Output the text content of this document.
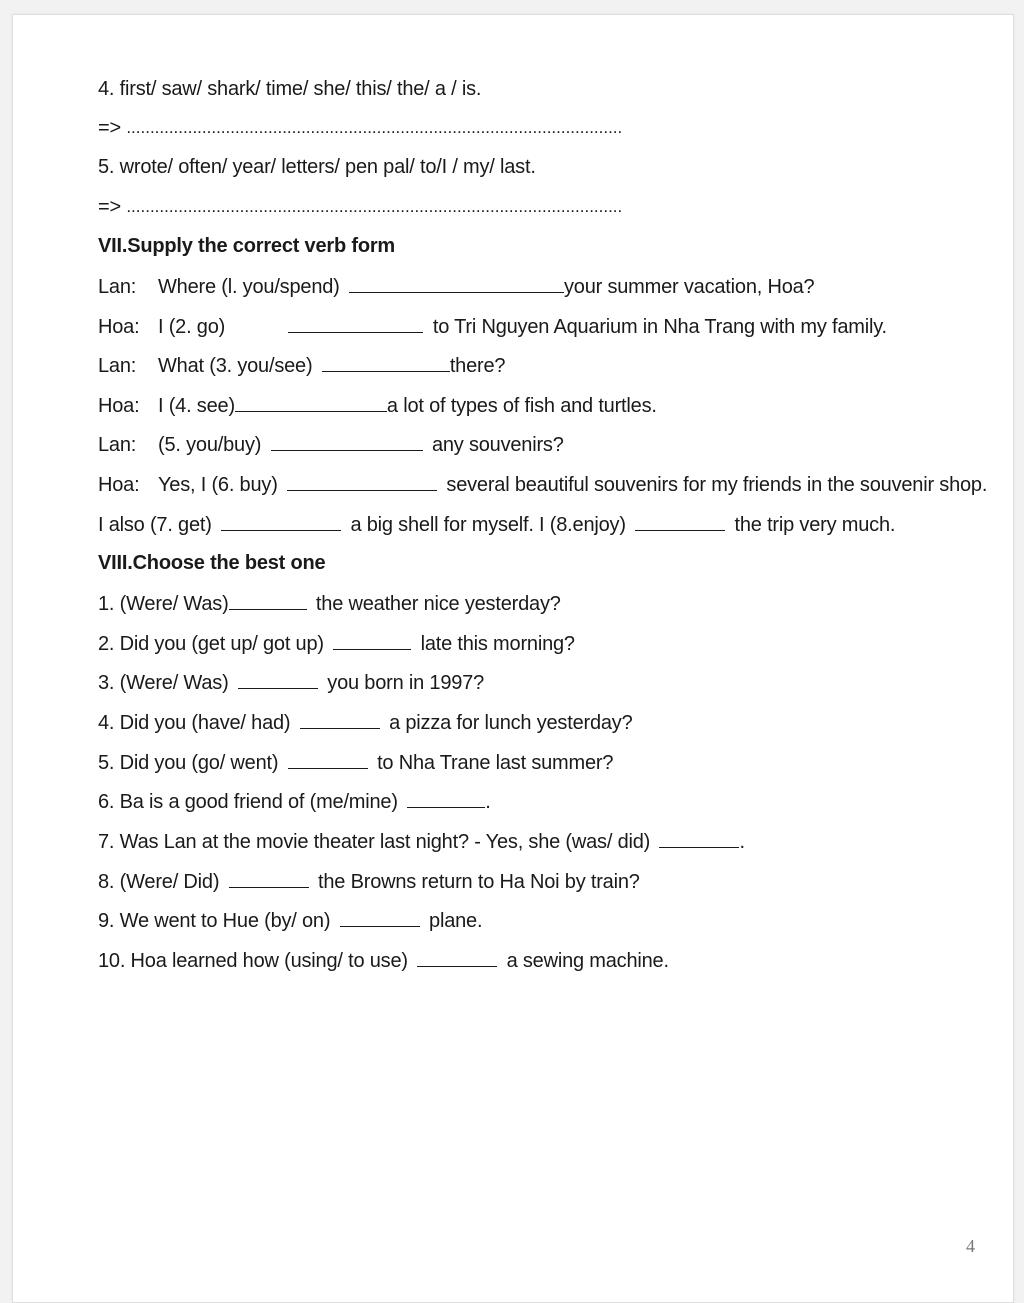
4. first/ saw/ shark/ time/ she/ this/ the/ a / is.
=> .........................................................................................................
5. wrote/ often/ year/ letters/ pen pal/ to/I / my/ last.
=> .........................................................................................................
VII.Supply the correct verb form
Lan: Where (l. you/spend)	your summer vacation, Hoa?
Hoa: I (2. go)	to Tri Nguyen Aquarium in Nha Trang with my family.
Lan: What (3. you/see)	there?
Hoa: I (4. see)	a lot of types of fish and turtles.
Lan: (5. you/buy)	any souvenirs?
Hoa: Yes, I (6. buy)	several beautiful souvenirs for my friends in the souvenir shop.
I also (7. get)	a big shell for myself. I (8.enjoy)	the trip very much.
VIII.Choose the best one
1. (Were/ Was)	the weather nice yesterday?
2. Did you (get up/ got up)	late this morning?
3. (Were/ Was)	you born in 1997?
4. Did you (have/ had)	a pizza for lunch yesterday?
5. Did you (go/ went)	to Nha Trane last summer?
6. Ba is a good friend of (me/mine)	.
7. Was Lan at the movie theater last night? - Yes, she (was/ did)	.
8. (Were/ Did)	the Browns return to Ha Noi by train?
9. We went to Hue (by/ on)	plane.
10. Hoa learned how (using/ to use)	a sewing machine.
4
